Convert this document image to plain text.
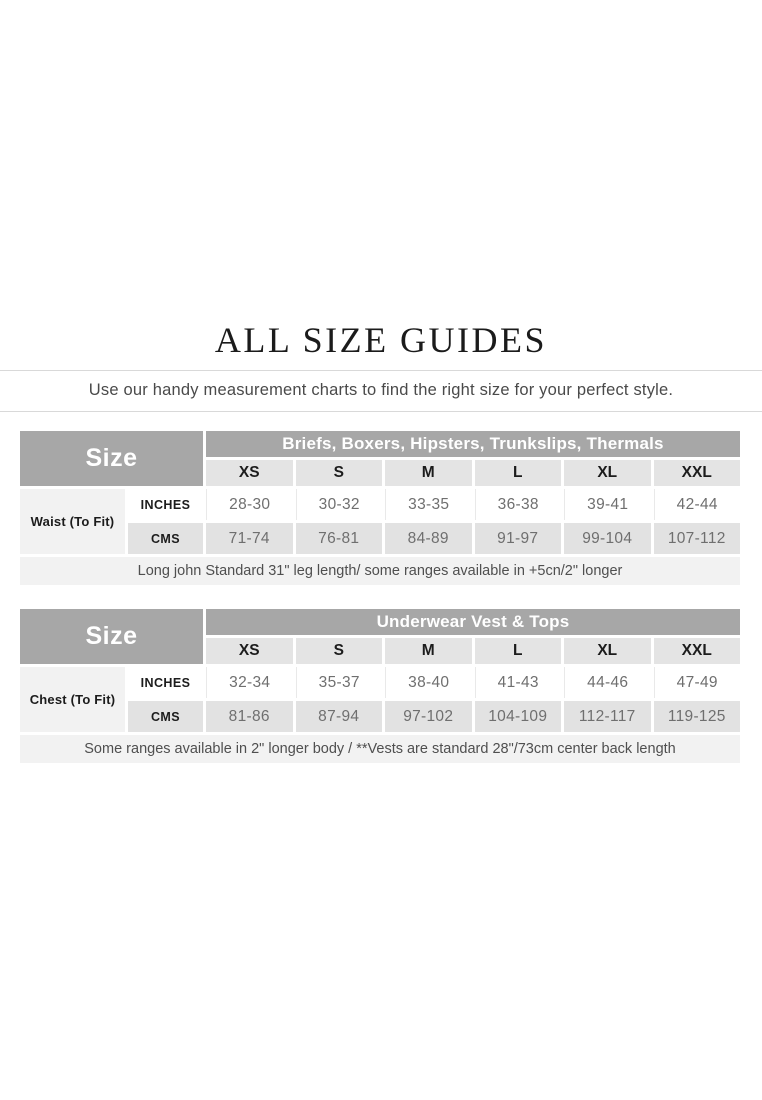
ALL SIZE GUIDES
Use our handy measurement charts to find the right size for your perfect style.
Size
Briefs, Boxers, Hipsters, Trunkslips, Thermals
XS	S	M	L	XL	XXL
Waist (To Fit)
INCHES	28-30	30-32	33-35	36-38	39-41	42-44
CMS	71-74	76-81	84-89	91-97	99-104	107-112
Long john Standard 31" leg length/ some ranges available in +5cn/2" longer
Size
Underwear Vest & Tops
XS	S	M	L	XL	XXL
Chest (To Fit)
INCHES	32-34	35-37	38-40	41-43	44-46	47-49
CMS	81-86	87-94	97-102	104-109	112-117	119-125
Some ranges available in 2" longer body / **Vests are standard 28"/73cm center back length
